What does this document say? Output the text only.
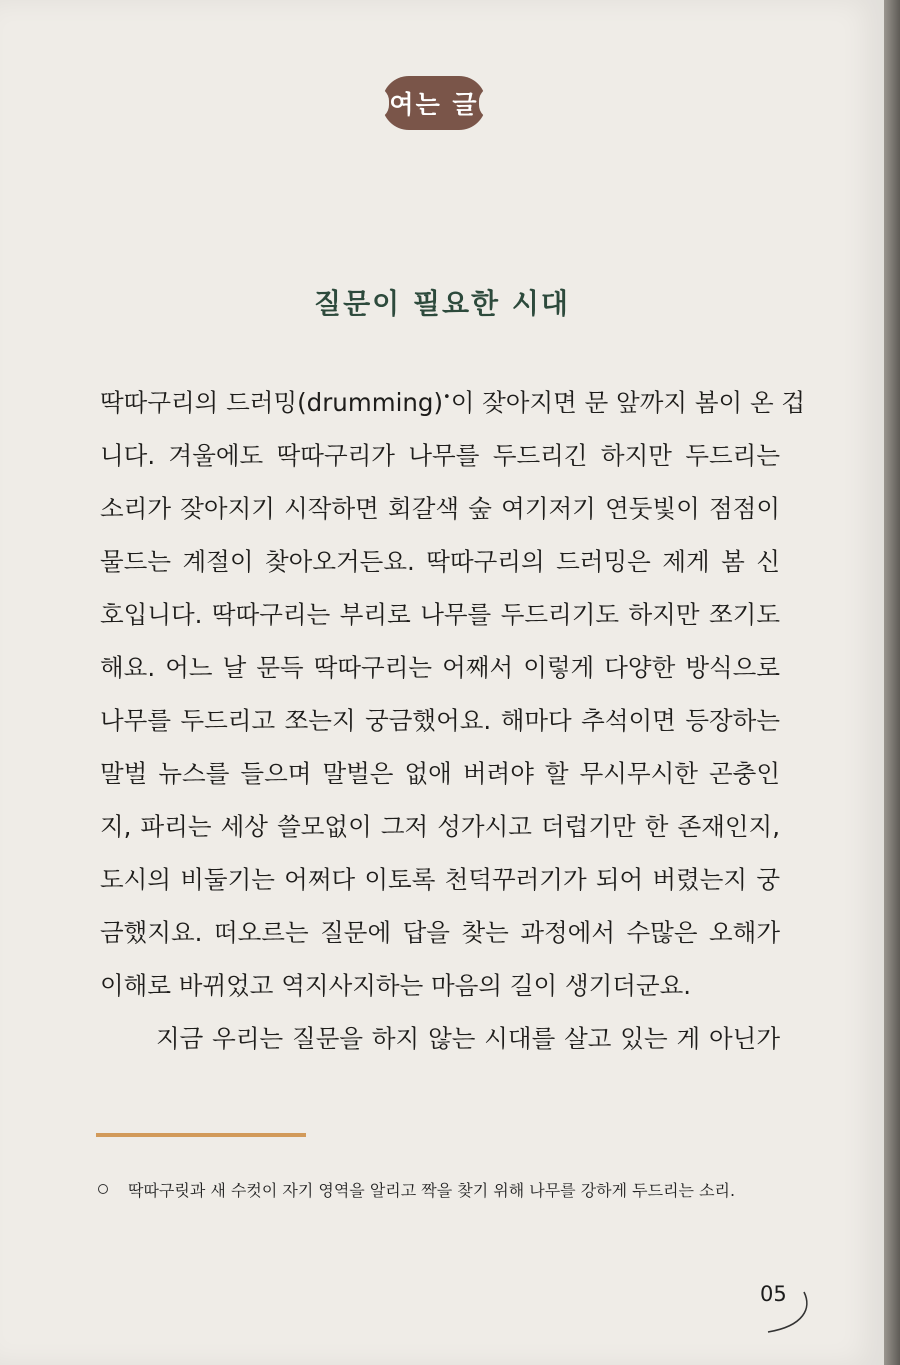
여는 글
질문이 필요한 시대
딱따구리의 드러밍(drumming)•이 잦아지면 문 앞까지 봄이 온 겁
니다. 겨울에도 딱따구리가 나무를 두드리긴 하지만 두드리는
소리가 잦아지기 시작하면 회갈색 숲 여기저기 연둣빛이 점점이
물드는 계절이 찾아오거든요. 딱따구리의 드러밍은 제게 봄 신
호입니다. 딱따구리는 부리로 나무를 두드리기도 하지만 쪼기도
해요. 어느 날 문득 딱따구리는 어째서 이렇게 다양한 방식으로
나무를 두드리고 쪼는지 궁금했어요. 해마다 추석이면 등장하는
말벌 뉴스를 들으며 말벌은 없애 버려야 할 무시무시한 곤충인
지, 파리는 세상 쓸모없이 그저 성가시고 더럽기만 한 존재인지,
도시의 비둘기는 어쩌다 이토록 천덕꾸러기가 되어 버렸는지 궁
금했지요. 떠오르는 질문에 답을 찾는 과정에서 수많은 오해가
이해로 바뀌었고 역지사지하는 마음의 길이 생기더군요.
지금 우리는 질문을 하지 않는 시대를 살고 있는 게 아닌가
딱따구릿과 새 수컷이 자기 영역을 알리고 짝을 찾기 위해 나무를 강하게 두드리는 소리.
05
